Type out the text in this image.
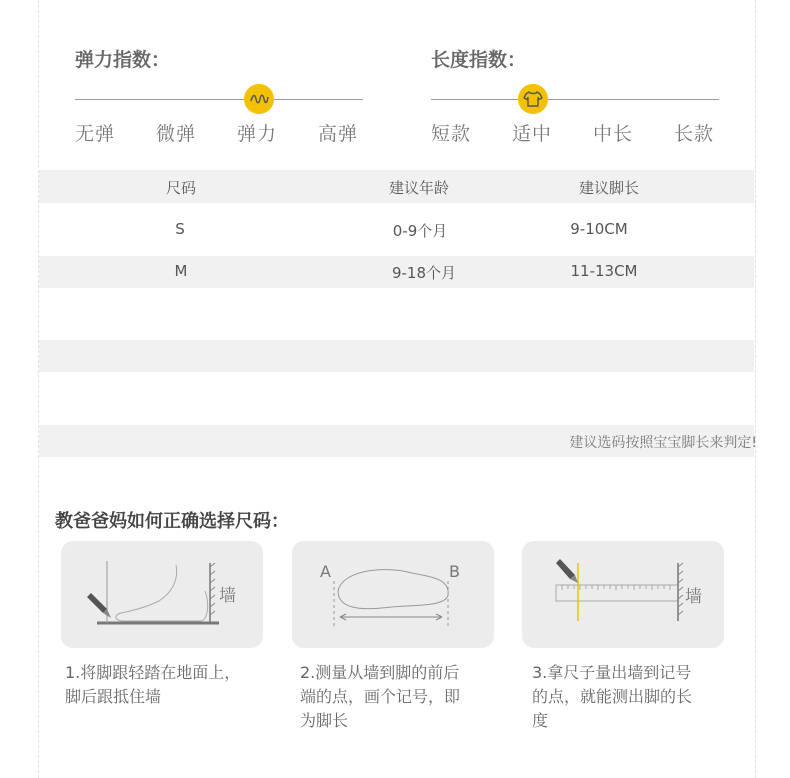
弹力指数：
无弹 微弹 弹力 高弹
长度指数：
短款 适中 中长 长款
尺码	建议年龄	建议脚长
S	0-9个月	9-10CM
M	9-18个月	11-13CM
建议选码按照宝宝脚长来判定!
教爸爸妈如何正确选择尺码：
墙
A	B
墙
1.将脚跟轻踏在地面上，
脚后跟抵住墙
2.测量从墙到脚的前后
端的点，画个记号，即
为脚长
3.拿尺子量出墙到记号
的点，就能测出脚的长
度
